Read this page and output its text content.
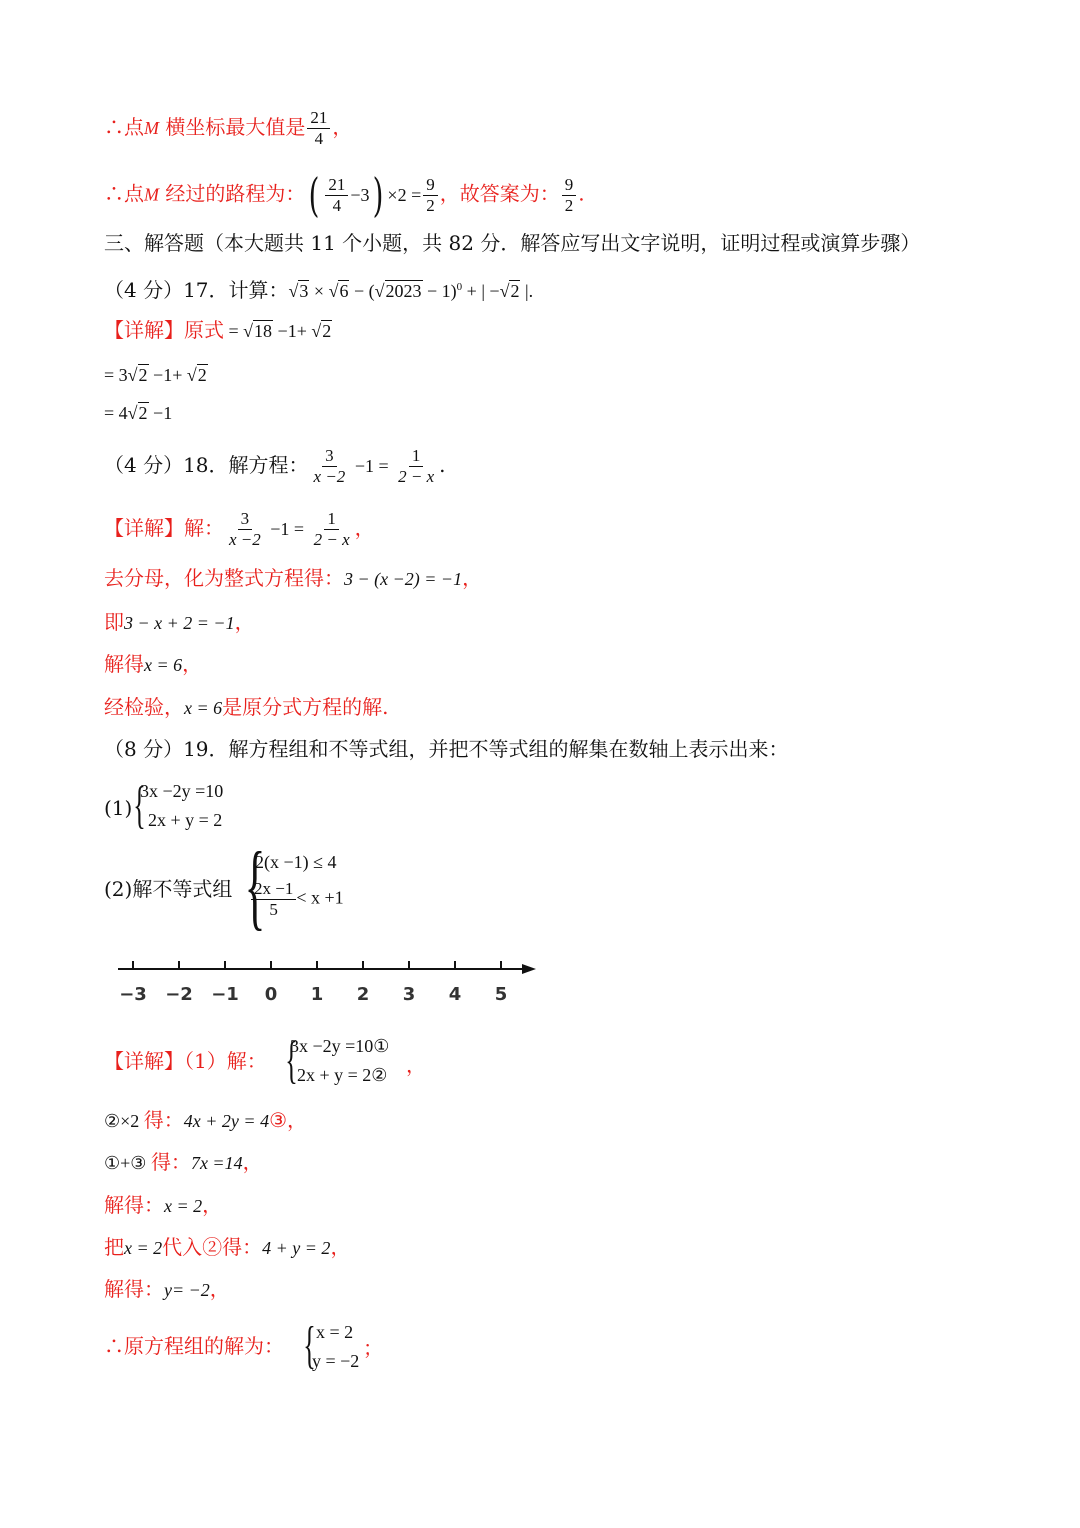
∴点M 横坐标最大值是 $\frac{21}{4}$ ，
∴点M 经过的路程为：( $\frac{21}{4} -3) \times 2 = \frac{9}{2}$ ，故答案为： $\frac{9}{2}$ .
三、解答题（本大题共 11 个小题，共 82 分．解答应写出文字说明，证明过程或演算步骤）
（4 分）17．计算：$√3 \times √6 - (√2023 - 1)^0$ + | −√2 |.
【详解】原式 = √18 −1+ √2
= 3√2 −1+ √2
= 4√2 −1
（4 分）18．解方程： $\frac{3}{x -2} -1 = \frac{1}{2 - x}$ .
【详解】解： $\frac{3}{x -2} -1 = \frac{1}{2 - x}$ ，
去分母，化为整式方程得：3 − (x −2) = −1，
即3 − x + 2 = −1，
解得x = 6，
经检验，x = 6是原分式方程的解.
（8 分）19．解方程组和不等式组，并把不等式组的解集在数轴上表示出来：
(1) {
3x −2y =10
2x + y = 2
(2)解不等式组 {
2(x −1) ≤ 4
$\frac{2x -1}{5} < x +1$
−3 −2 −1 0 1 2 3 4 5
【详解】（1）解： {
3x −2y =10①
2x + y = 2② ，
②×2 得：4x + 2y = 4③，
①+③ 得：7x =14，
解得：x = 2，
把x = 2代入②得：4 + y = 2，
解得：y= −2，
∴原方程组的解为： { x = 2
y = −2
；
